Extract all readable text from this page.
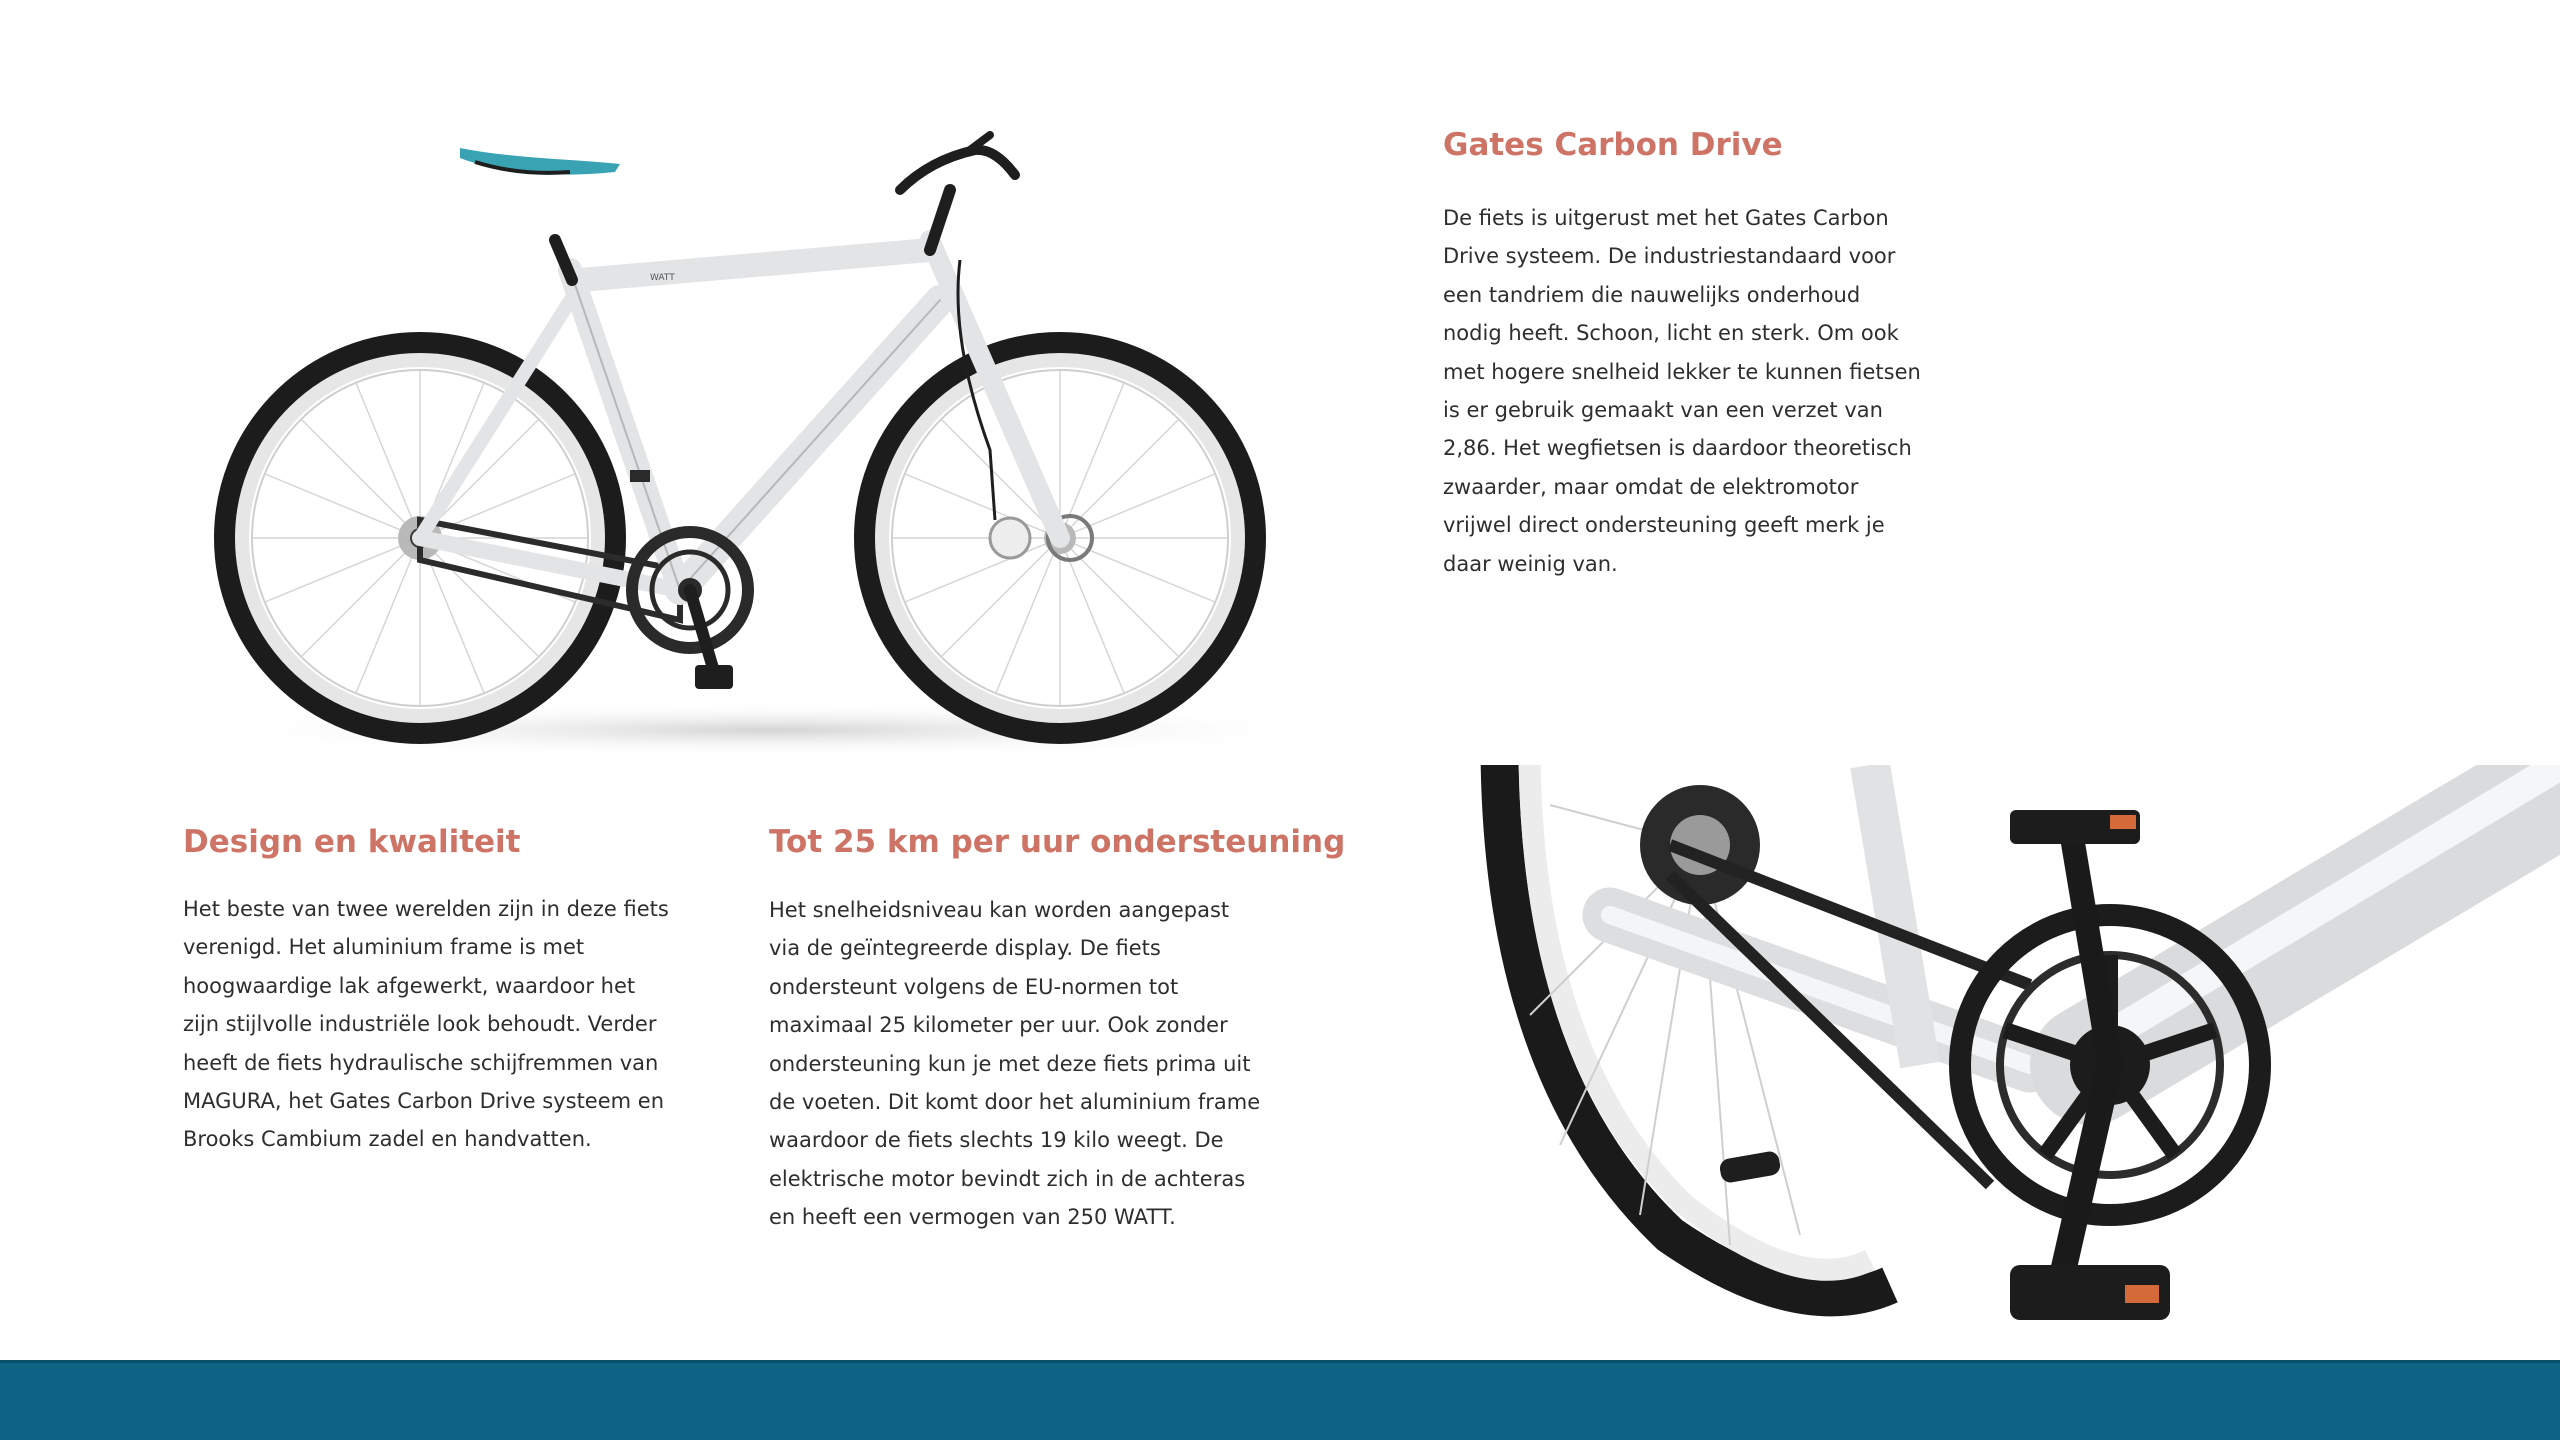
WATT
Gates Carbon Drive

De fiets is uitgerust met het Gates Carbon
Drive systeem. De industriestandaard voor
een tandriem die nauwelijks onderhoud
nodig heeft. Schoon, licht en sterk. Om ook
met hogere snelheid lekker te kunnen fietsen
is er gebruik gemaakt van een verzet van
2,86. Het wegfietsen is daardoor theoretisch
zwaarder, maar omdat de elektromotor
vrijwel direct ondersteuning geeft merk je
daar weinig van.

Design en kwaliteit

Het beste van twee werelden zijn in deze fiets
verenigd. Het aluminium frame is met
hoogwaardige lak afgewerkt, waardoor het
zijn stijlvolle industriële look behoudt. Verder
heeft de fiets hydraulische schijfremmen van
MAGURA, het Gates Carbon Drive systeem en
Brooks Cambium zadel en handvatten.

Tot 25 km per uur ondersteuning

Het snelheidsniveau kan worden aangepast
via de geïntegreerde display. De fiets
ondersteunt volgens de EU-normen tot
maximaal 25 kilometer per uur. Ook zonder
ondersteuning kun je met deze fiets prima uit
de voeten. Dit komt door het aluminium frame
waardoor de fiets slechts 19 kilo weegt. De
elektrische motor bevindt zich in de achteras
en heeft een vermogen van 250 WATT.
